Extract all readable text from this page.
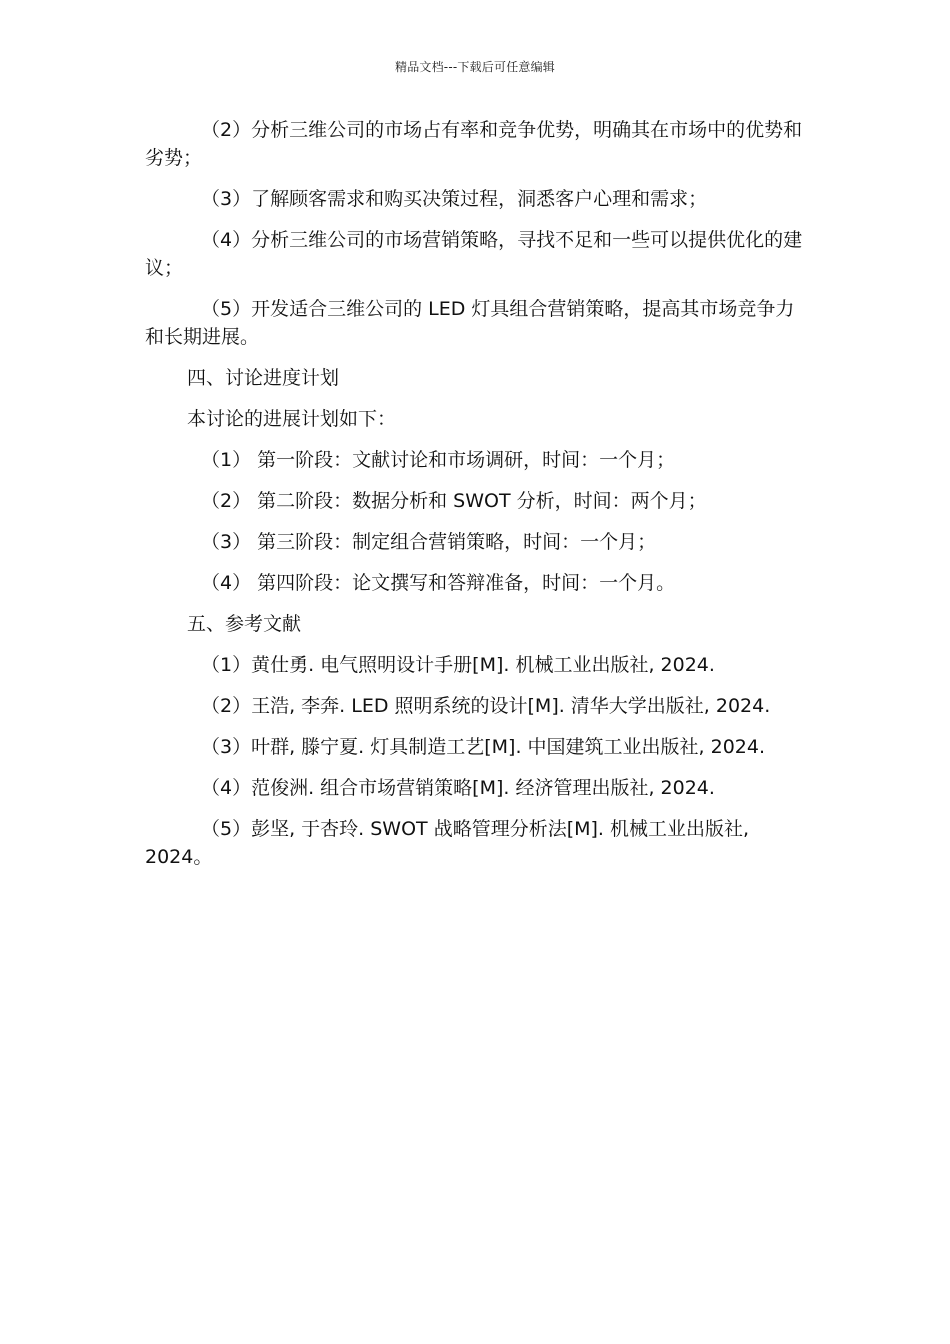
精品文档---下载后可任意编辑

（2）分析三维公司的市场占有率和竞争优势，明确其在市场中的优势和劣势；

（3）了解顾客需求和购买决策过程，洞悉客户心理和需求；

（4）分析三维公司的市场营销策略，寻找不足和一些可以提供优化的建议；

（5）开发适合三维公司的 LED 灯具组合营销策略，提高其市场竞争力和长期进展。

四、讨论进度计划

本讨论的进展计划如下：

（1） 第一阶段：文献讨论和市场调研，时间：一个月；

（2） 第二阶段：数据分析和 SWOT 分析，时间：两个月；

（3） 第三阶段：制定组合营销策略，时间：一个月；

（4） 第四阶段：论文撰写和答辩准备，时间：一个月。

五、参考文献

（1）黄仕勇. 电气照明设计手册[M]. 机械工业出版社, 2024.

（2）王浩, 李奔. LED 照明系统的设计[M]. 清华大学出版社, 2024.

（3）叶群, 滕宁夏. 灯具制造工艺[M]. 中国建筑工业出版社, 2024.

（4）范俊洲. 组合市场营销策略[M]. 经济管理出版社, 2024.

（5）彭坚, 于杏玲. SWOT 战略管理分析法[M]. 机械工业出版社, 2024。
